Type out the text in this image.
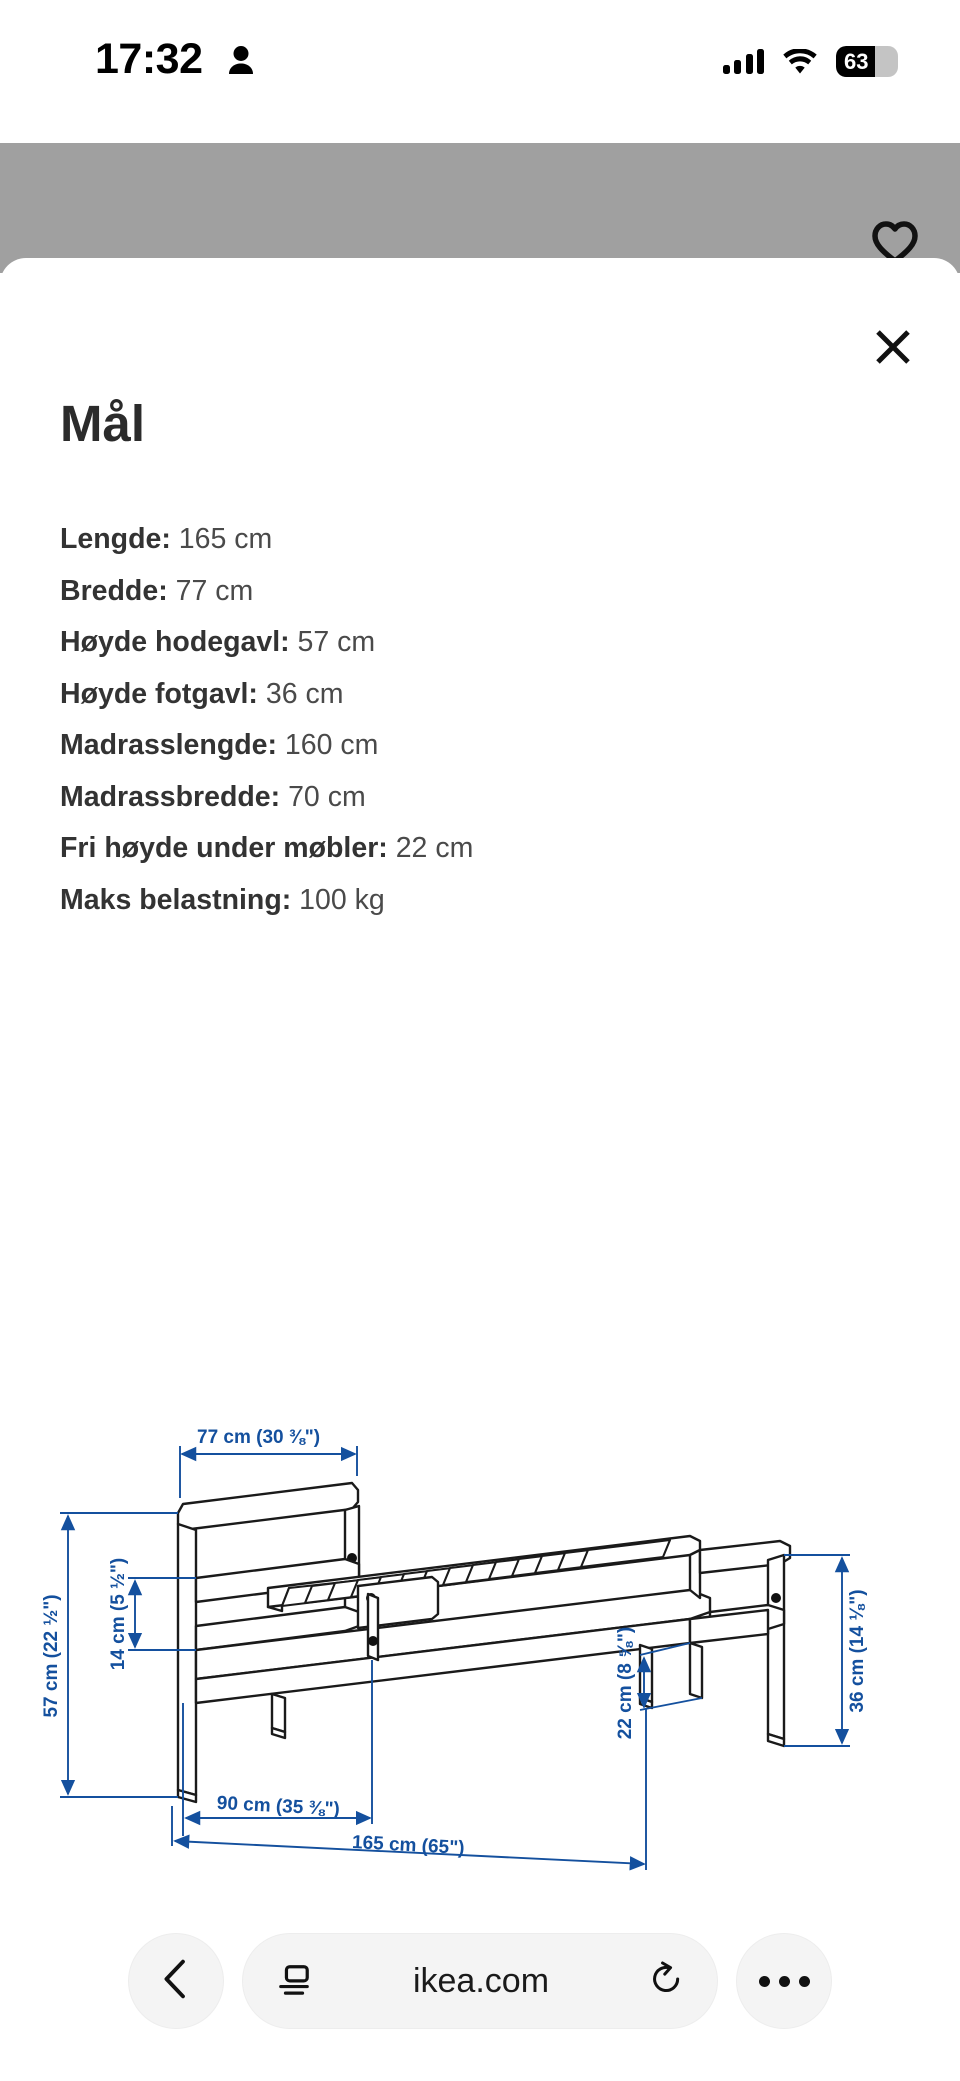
17:32	63
Mål
Lengde: 165 cm
Bredde: 77 cm
Høyde hodegavl: 57 cm
Høyde fotgavl: 36 cm
Madrasslengde: 160 cm
Madrassbredde: 70 cm
Fri høyde under møbler: 22 cm
Maks belastning: 100 kg
77 cm (30 ⅜")
57 cm (22 ½") 14 cm (5 ½")
90 cm (35 ⅜")
165 cm (65")
22 cm (8 ⅝")	36 cm (14 ⅛")
ikea.com
